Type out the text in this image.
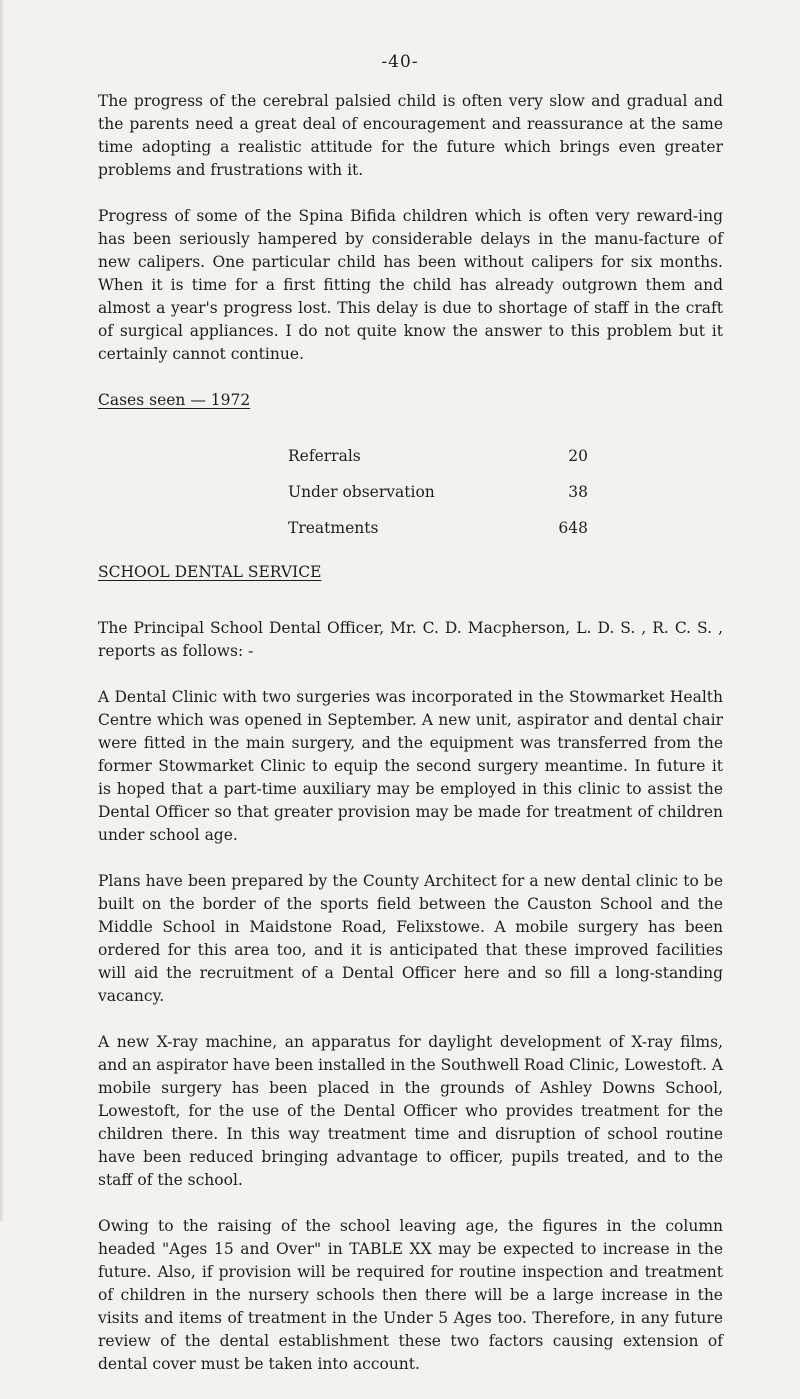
-40-

The progress of the cerebral palsied child is often very slow and gradual and the parents need a great deal of encouragement and reassurance at the same time adopting a realistic attitude for the future which brings even greater problems and frustrations with it.

Progress of some of the Spina Bifida children which is often very reward-ing has been seriously hampered by considerable delays in the manu-facture of new calipers. One particular child has been without calipers for six months. When it is time for a first fitting the child has already outgrown them and almost a year's progress lost. This delay is due to shortage of staff in the craft of surgical appliances. I do not quite know the answer to this problem but it certainly cannot continue.

Cases seen — 1972
Referrals	20
Under observation	38
Treatments	648
SCHOOL DENTAL SERVICE

The Principal School Dental Officer, Mr. C. D. Macpherson, L. D. S. , R. C. S. , reports as follows: -

A Dental Clinic with two surgeries was incorporated in the Stowmarket Health Centre which was opened in September. A new unit, aspirator and dental chair were fitted in the main surgery, and the equipment was transferred from the former Stowmarket Clinic to equip the second surgery meantime. In future it is hoped that a part-time auxiliary may be employed in this clinic to assist the Dental Officer so that greater provision may be made for treatment of children under school age.

Plans have been prepared by the County Architect for a new dental clinic to be built on the border of the sports field between the Causton School and the Middle School in Maidstone Road, Felixstowe. A mobile surgery has been ordered for this area too, and it is anticipated that these improved facilities will aid the recruitment of a Dental Officer here and so fill a long-standing vacancy.

A new X-ray machine, an apparatus for daylight development of X-ray films, and an aspirator have been installed in the Southwell Road Clinic, Lowestoft. A mobile surgery has been placed in the grounds of Ashley Downs School, Lowestoft, for the use of the Dental Officer who provides treatment for the children there. In this way treatment time and disruption of school routine have been reduced bringing advantage to officer, pupils treated, and to the staff of the school.

Owing to the raising of the school leaving age, the figures in the column headed "Ages 15 and Over" in TABLE XX may be expected to increase in the future. Also, if provision will be required for routine inspection and treatment of children in the nursery schools then there will be a large increase in the visits and items of treatment in the Under 5 Ages too. Therefore, in any future review of the dental establishment these two factors causing extension of dental cover must be taken into account.
